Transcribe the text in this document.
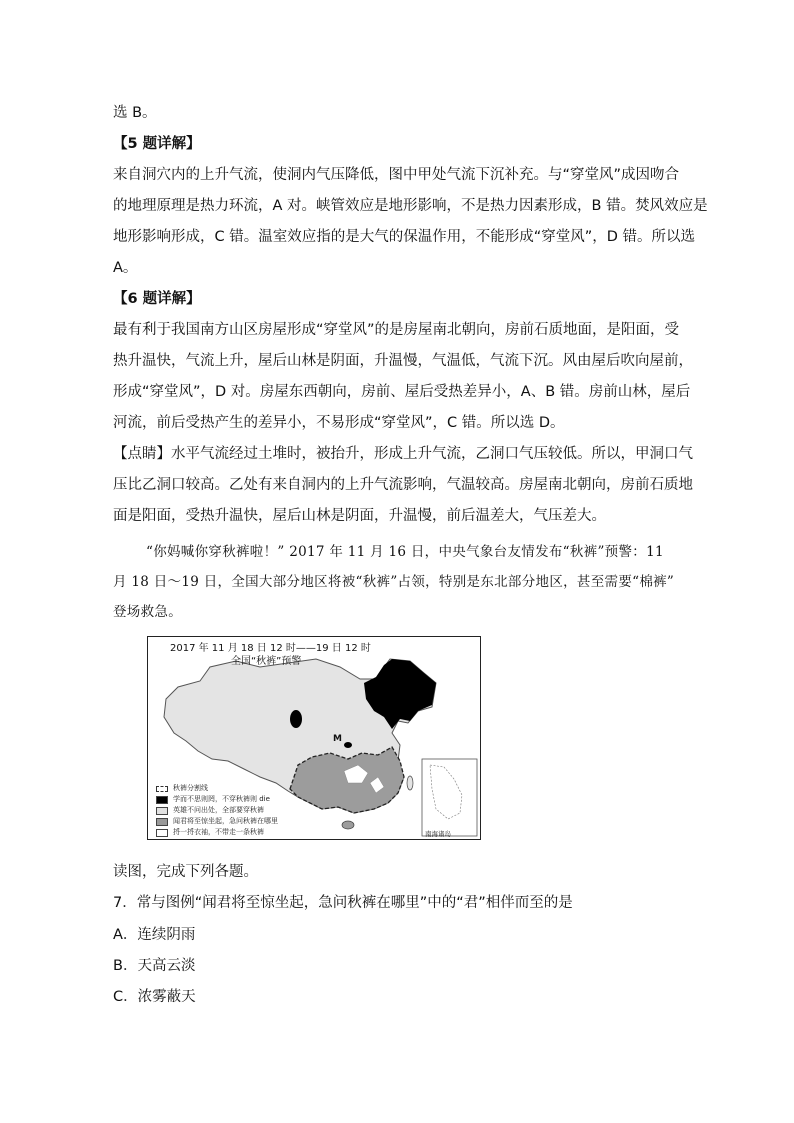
选 B。
【5 题详解】
来自洞穴内的上升气流，使洞内气压降低，图中甲处气流下沉补充。与“穿堂风”成因吻合
的地理原理是热力环流，A 对。峡管效应是地形影响，不是热力因素形成，B 错。焚风效应是
地形影响形成，C 错。温室效应指的是大气的保温作用，不能形成“穿堂风”，D 错。所以选
A。
【6 题详解】
最有利于我国南方山区房屋形成“穿堂风”的是房屋南北朝向，房前石质地面，是阳面，受
热升温快，气流上升，屋后山林是阴面，升温慢，气温低，气流下沉。风由屋后吹向屋前，
形成“穿堂风”，D 对。房屋东西朝向，房前、屋后受热差异小，A、B 错。房前山林，屋后
河流，前后受热产生的差异小，不易形成“穿堂风”，C 错。所以选 D。
【点睛】水平气流经过土堆时，被抬升，形成上升气流，乙洞口气压较低。所以，甲洞口气
压比乙洞口较高。乙处有来自洞内的上升气流影响，气温较高。房屋南北朝向，房前石质地
面是阳面，受热升温快，屋后山林是阴面，升温慢，前后温差大，气压差大。
“你妈喊你穿秋裤啦！” 2017 年 11 月 16 日，中央气象台友情发布“秋裤”预警：11
月 18 日～19 日，全国大部分地区将被“秋裤”占领，特别是东北部分地区，甚至需要“棉裤”
登场救急。
2017 年 11 月 18 日 12 时——19 日 12 时
全国“秋裤”预警
M
南海诸岛
秋裤分割线
学而不思则罔，不穿秋裤则 die
英雄不问出处，全部要穿秋裤
闻君将至惊坐起，急问秋裤在哪里
捋一捋衣袖，不带走一条秋裤
读图，完成下列各题。
7．常与图例“闻君将至惊坐起，急问秋裤在哪里”中的“君”相伴而至的是
A．连续阴雨
B．天高云淡
C．浓雾蔽天
